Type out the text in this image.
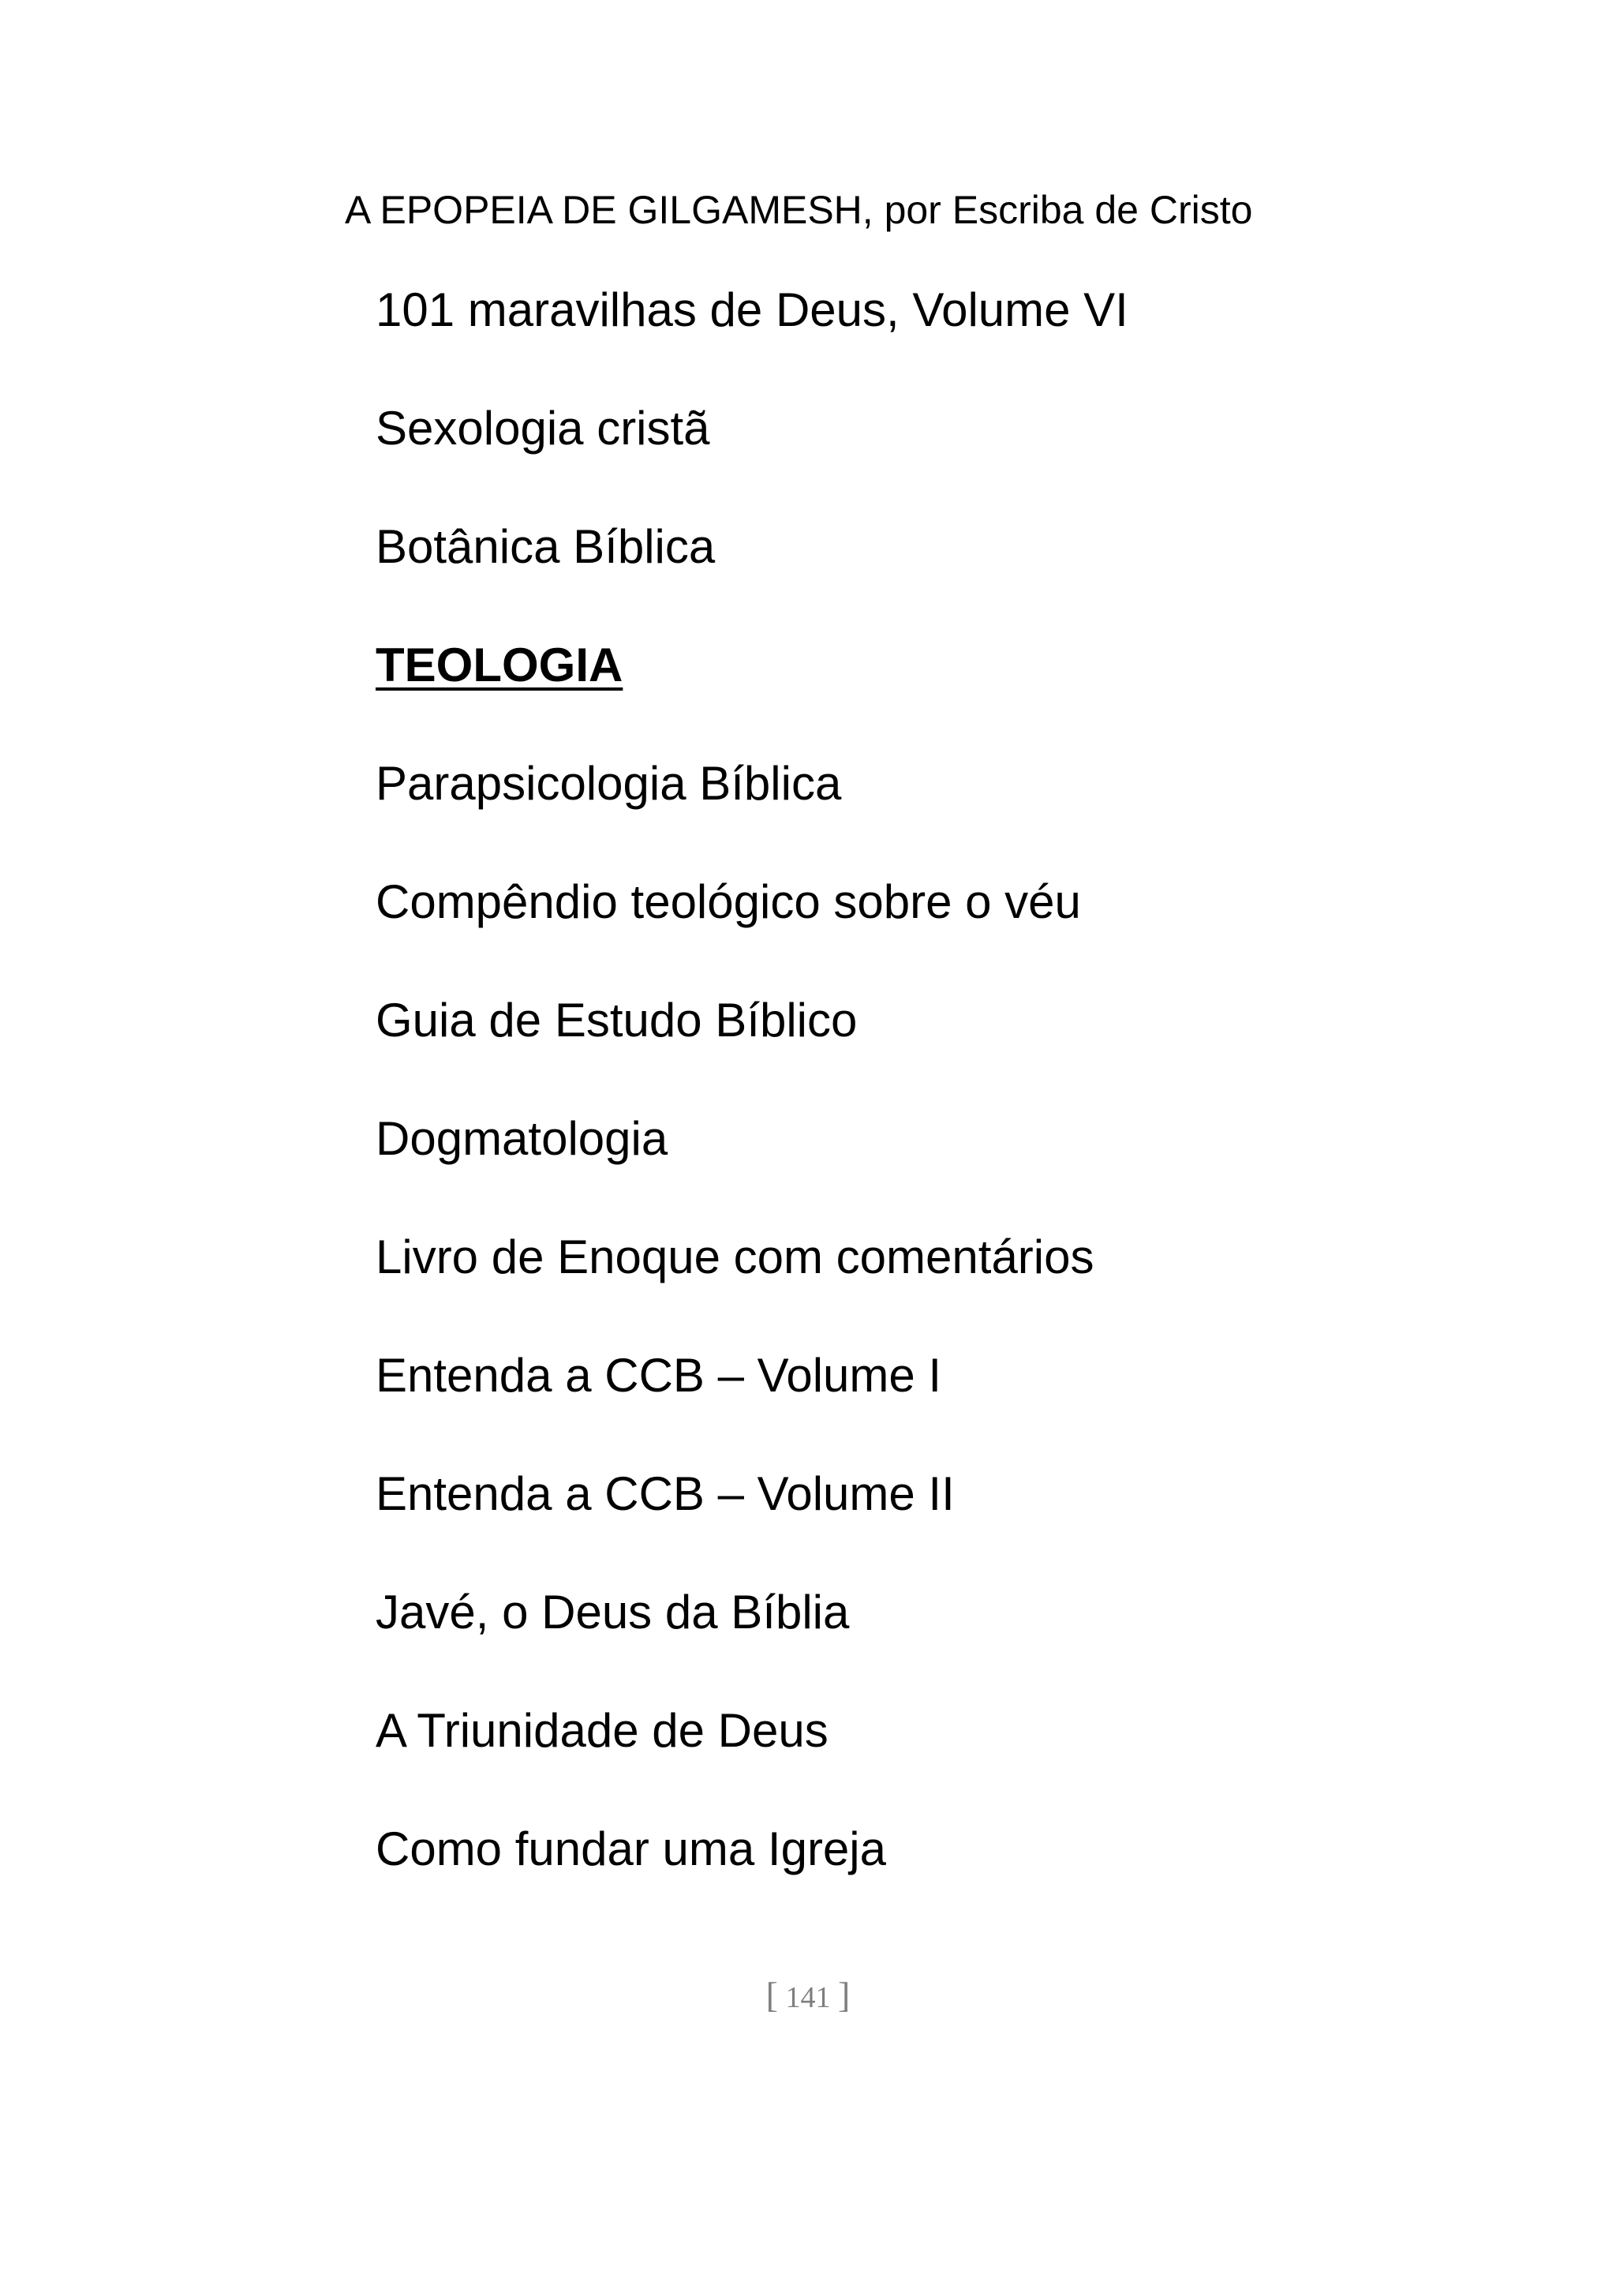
A EPOPEIA DE GILGAMESH, por Escriba de Cristo
101 maravilhas de Deus, Volume VI
Sexologia cristã
Botânica Bíblica
TEOLOGIA
Parapsicologia Bíblica
Compêndio teológico sobre o véu
Guia de Estudo Bíblico
Dogmatologia
Livro de Enoque com comentários
Entenda a CCB – Volume I
Entenda a CCB – Volume II
Javé, o Deus da Bíblia
A Triunidade de Deus
Como fundar uma Igreja
[ 141 ]
